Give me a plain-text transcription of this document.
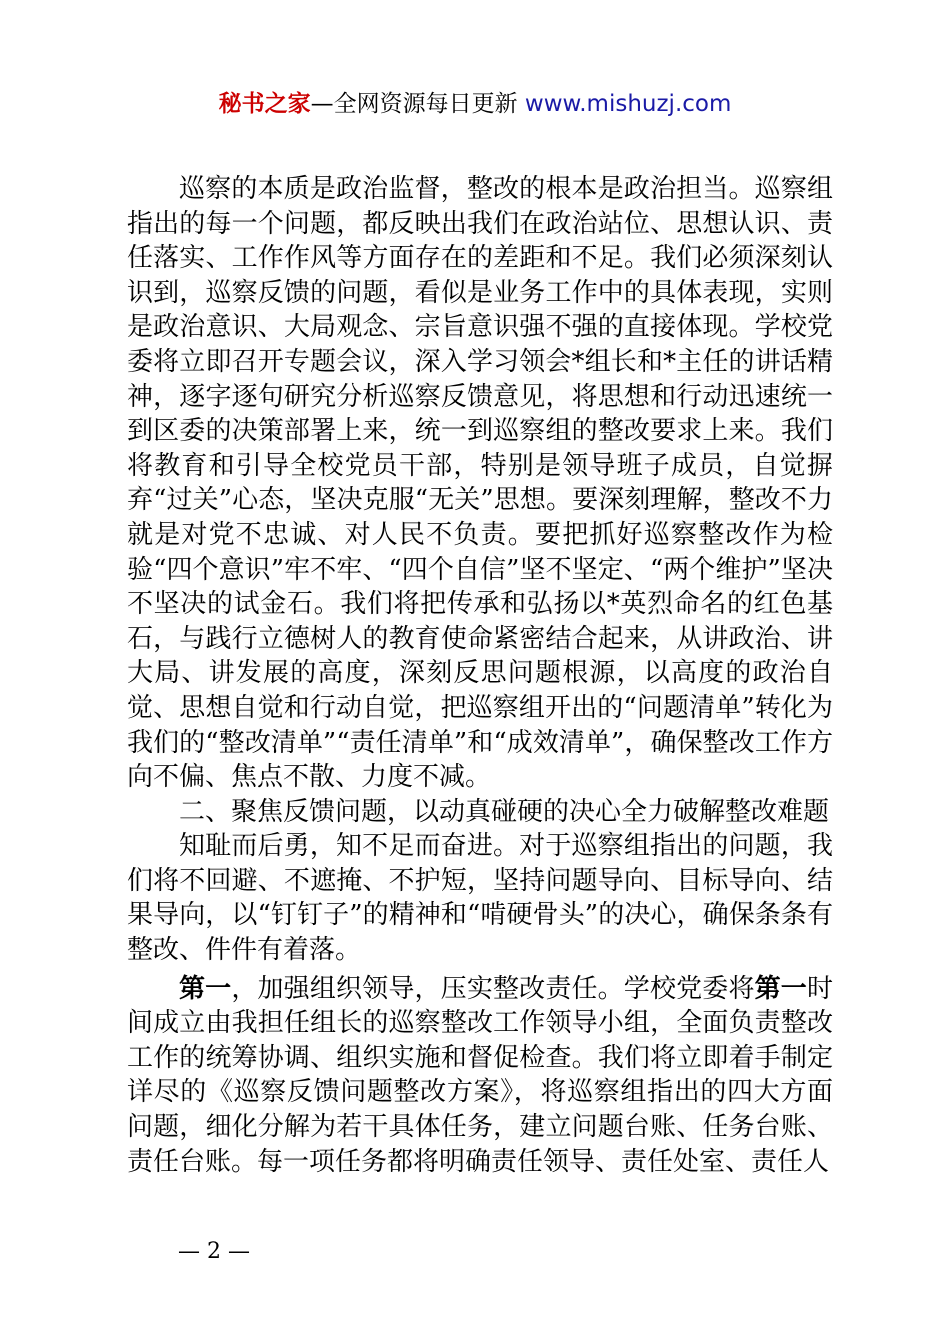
秘书之家—全网资源每日更新 www.mishuzj.com

巡察的本质是政治监督，整改的根本是政治担当。巡察组指出的每一个问题，都反映出我们在政治站位、思想认识、责任落实、工作作风等方面存在的差距和不足。我们必须深刻认识到，巡察反馈的问题，看似是业务工作中的具体表现，实则是政治意识、大局观念、宗旨意识强不强的直接体现。学校党委将立即召开专题会议，深入学习领会*组长和*主任的讲话精神，逐字逐句研究分析巡察反馈意见，将思想和行动迅速统一到区委的决策部署上来，统一到巡察组的整改要求上来。我们将教育和引导全校党员干部，特别是领导班子成员，自觉摒弃“过关”心态，坚决克服“无关”思想。要深刻理解，整改不力就是对党不忠诚、对人民不负责。要把抓好巡察整改作为检验“四个意识”牢不牢、“四个自信”坚不坚定、“两个维护”坚决不坚决的试金石。我们将把传承和弘扬以*英烈命名的红色基石，与践行立德树人的教育使命紧密结合起来，从讲政治、讲大局、讲发展的高度，深刻反思问题根源，以高度的政治自觉、思想自觉和行动自觉，把巡察组开出的“问题清单”转化为我们的“整改清单”“责任清单”和“成效清单”，确保整改工作方向不偏、焦点不散、力度不减。

二、聚焦反馈问题，以动真碰硬的决心全力破解整改难题

知耻而后勇，知不足而奋进。对于巡察组指出的问题，我们将不回避、不遮掩、不护短，坚持问题导向、目标导向、结果导向，以“钉钉子”的精神和“啃硬骨头”的决心，确保条条有整改、件件有着落。

第一，加强组织领导，压实整改责任。学校党委将第一时间成立由我担任组长的巡察整改工作领导小组，全面负责整改工作的统筹协调、组织实施和督促检查。我们将立即着手制定详尽的《巡察反馈问题整改方案》，将巡察组指出的四大方面问题，细化分解为若干具体任务，建立问题台账、任务台账、责任台账。每一项任务都将明确责任领导、责任处室、责任人

— 2 —
